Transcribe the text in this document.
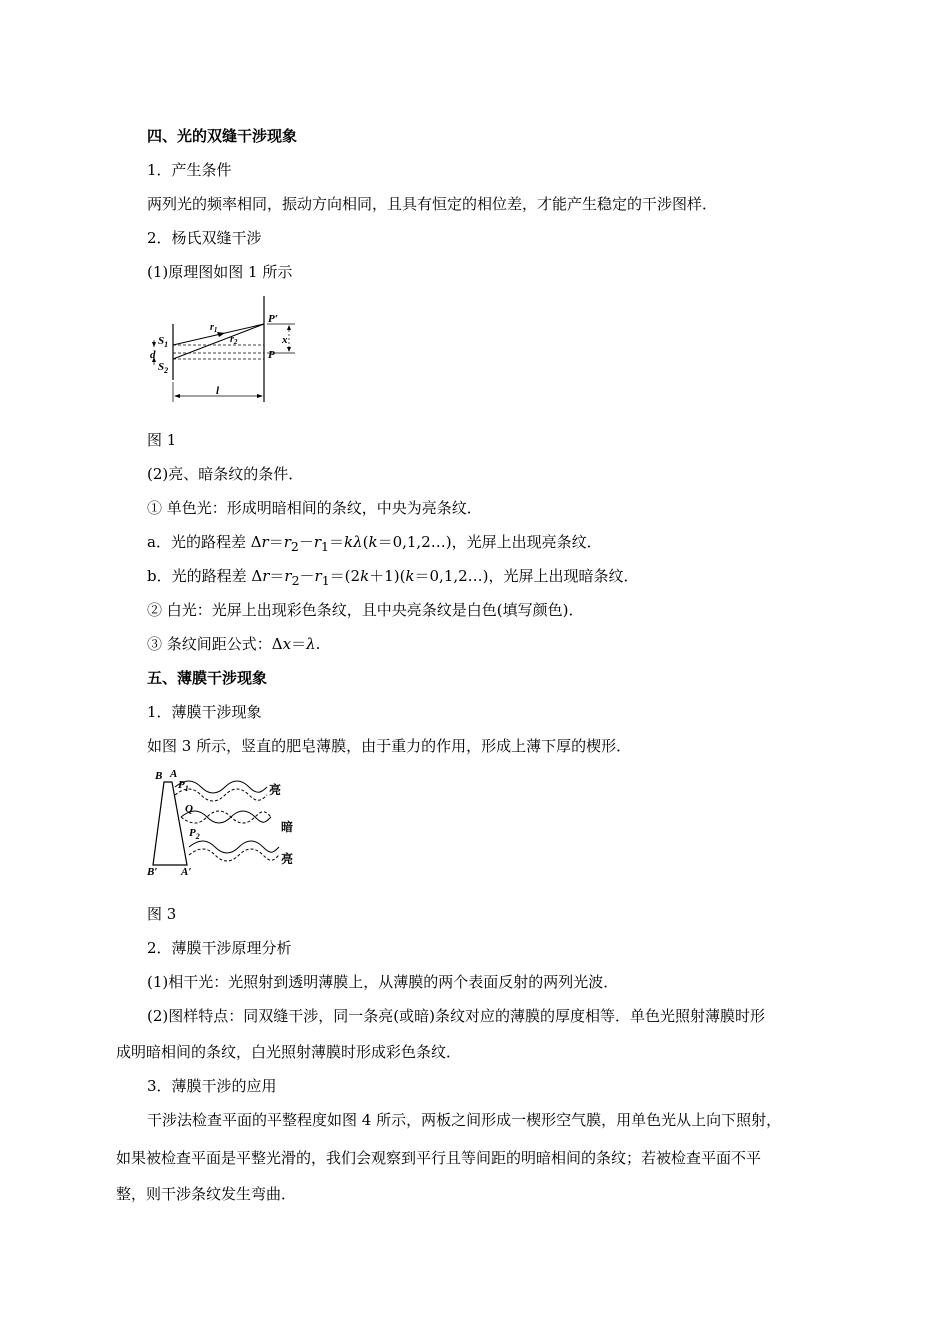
四、光的双缝干涉现象
1．产生条件
两列光的频率相同，振动方向相同，且具有恒定的相位差，才能产生稳定的干涉图样．
2．杨氏双缝干涉
(1)原理图如图 1 所示
$S_1$
d
$S_2$
$r_1$
$r_2$
P′
P
x
l
图 1
(2)亮、暗条纹的条件．
① 单色光：形成明暗相间的条纹，中央为亮条纹．
a．光的路程差 $\Delta r=r_2-r_1=k\lambda(k=0,1,2\dots)$，光屏上出现亮条纹．
b．光的路程差 $\Delta r=r_2-r_1=(2k+1)(k=0,1,2\dots)$，光屏上出现暗条纹．
② 白光：光屏上出现彩色条纹，且中央亮条纹是白色(填写颜色)．
③ 条纹间距公式：Δx＝λ.
五、薄膜干涉现象
1．薄膜干涉现象
如图 3 所示，竖直的肥皂薄膜，由于重力的作用，形成上薄下厚的楔形．
B A
$P_1$
Q
$P_2$
B′ A′
亮
暗
亮
图 3
2．薄膜干涉原理分析
(1)相干光：光照射到透明薄膜上，从薄膜的两个表面反射的两列光波．
(2)图样特点：同双缝干涉，同一条亮(或暗)条纹对应的薄膜的厚度相等．单色光照射薄膜时形
成明暗相间的条纹，白光照射薄膜时形成彩色条纹．
3．薄膜干涉的应用
干涉法检查平面的平整程度如图 4 所示，两板之间形成一楔形空气膜，用单色光从上向下照射，
如果被检查平面是平整光滑的，我们会观察到平行且等间距的明暗相间的条纹；若被检查平面不平
整，则干涉条纹发生弯曲．
